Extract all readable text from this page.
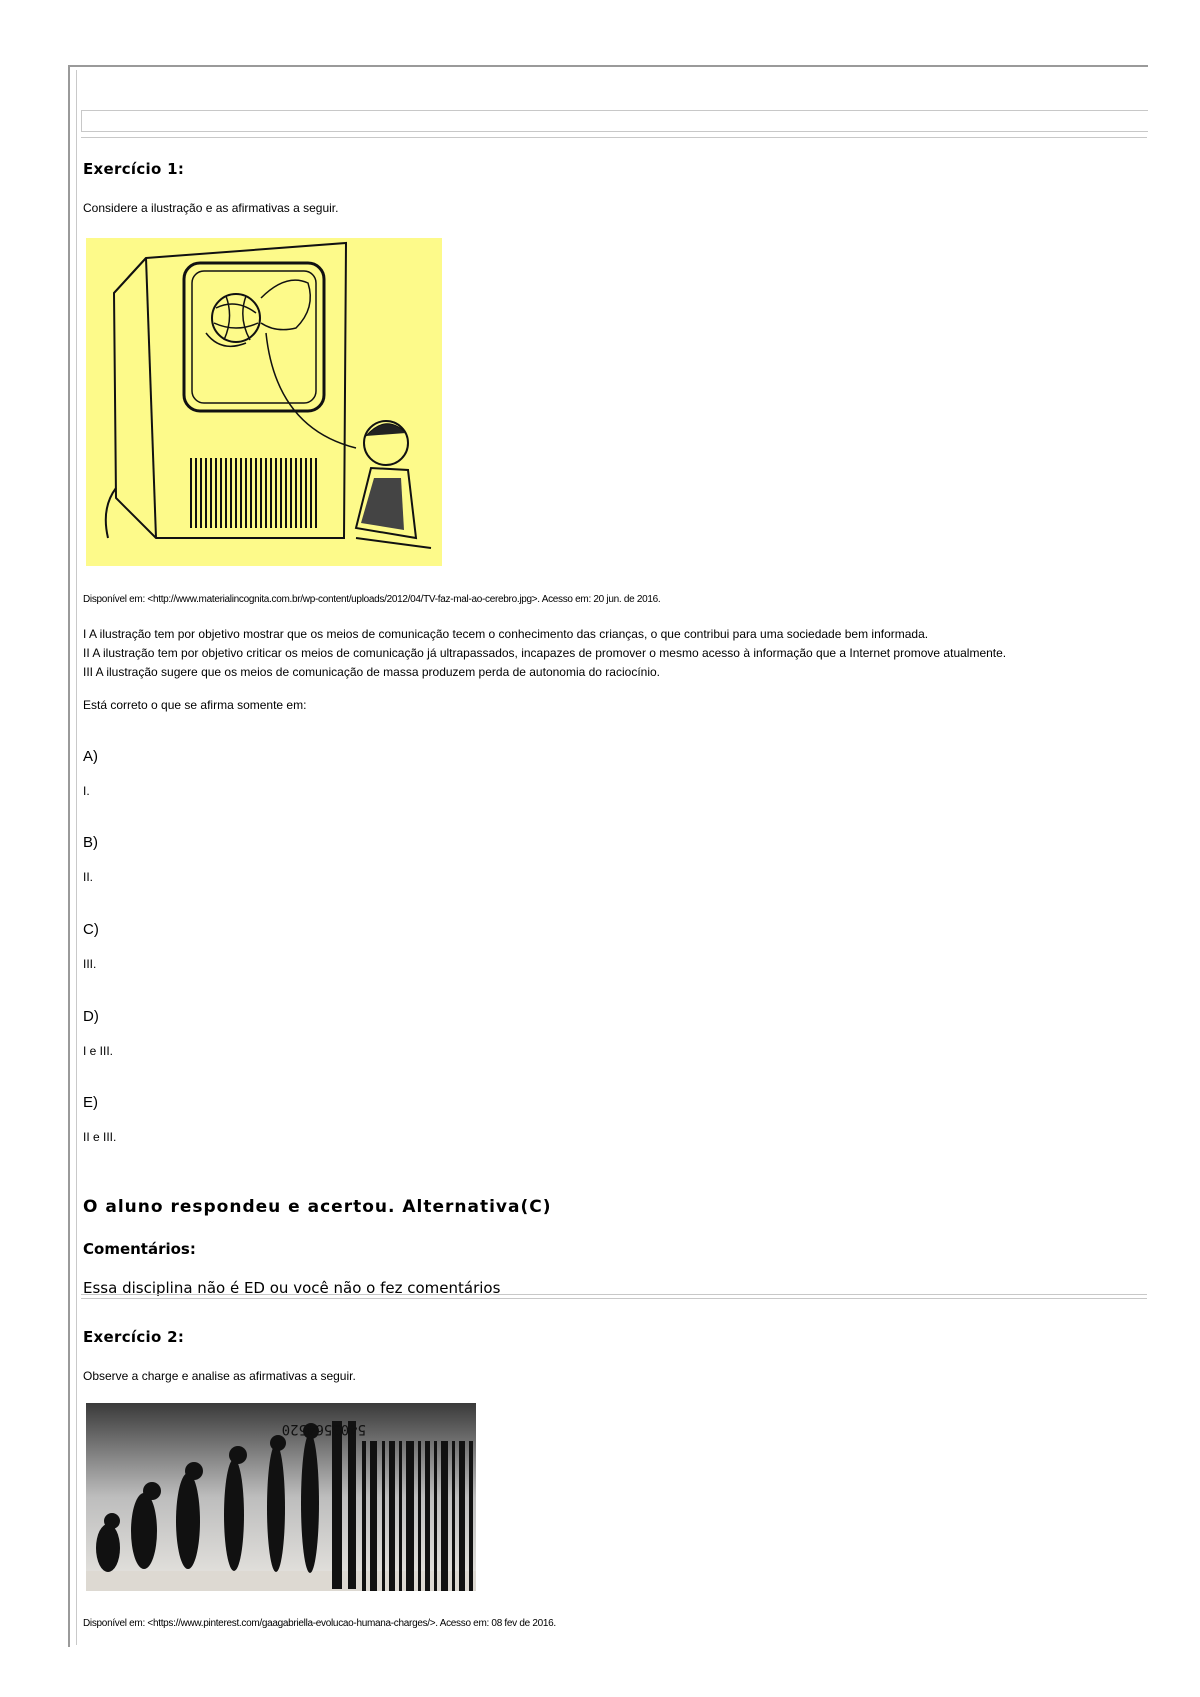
Exercício 1:
Considere a ilustração e as afirmativas a seguir.
Disponível em: <http://www.materialincognita.com.br/wp-content/uploads/2012/04/TV-faz-mal-ao-cerebro.jpg>. Acesso em: 20 jun. de 2016.
I A ilustração tem por objetivo mostrar que os meios de comunicação tecem o conhecimento das crianças, o que contribui para uma sociedade bem informada.
II A ilustração tem por objetivo criticar os meios de comunicação já ultrapassados, incapazes de promover o mesmo acesso à informação que a Internet promove atualmente.
III A ilustração sugere que os meios de comunicação de massa produzem perda de autonomia do raciocínio.
Está correto o que se afirma somente em:
A)
I.
B)
II.
C)
III.
D)
I e III.
E)
II e III.
O aluno respondeu e acertou. Alternativa(C)
Comentários:
Essa disciplina não é ED ou você não o fez comentários
Exercício 2:
Observe a charge e analise as afirmativas a seguir.
5403564520
Disponível em: <https://www.pinterest.com/gaagabriella-evolucao-humana-charges/>. Acesso em: 08 fev de 2016.
